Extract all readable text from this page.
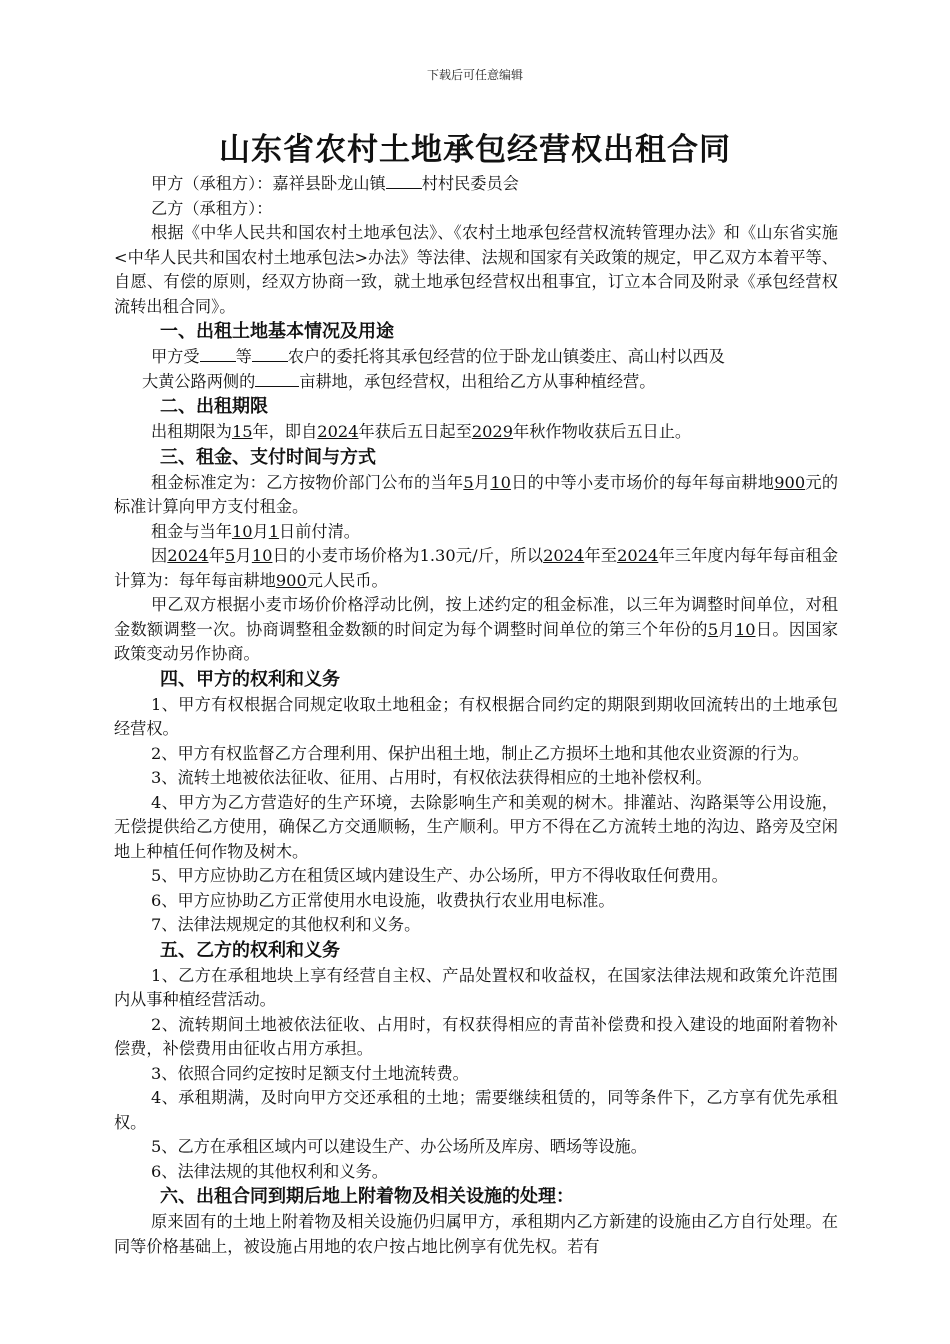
下载后可任意编辑
山东省农村土地承包经营权出租合同

甲方（承租方）：嘉祥县卧龙山镇 村村民委员会

乙方（承租方）：

根据《中华人民共和国农村土地承包法》、《农村土地承包经营权流转管理办法》和《山东省实施<中华人民共和国农村土地承包法>办法》等法律、法规和国家有关政策的规定，甲乙双方本着平等、自愿、有偿的原则，经双方协商一致，就土地承包经营权出租事宜，订立本合同及附录《承包经营权流转出租合同》。

一、出租土地基本情况及用途

甲方受 等 农户的委托将其承包经营的位于卧龙山镇娄庄、高山村以西及

大黄公路两侧的	亩耕地，承包经营权，出租给乙方从事种植经营。

二、出租期限

出租期限为15年，即自2024年获后五日起至2029年秋作物收获后五日止。

三、租金、支付时间与方式

租金标准定为：乙方按物价部门公布的当年5月10日的中等小麦市场价的每年每亩耕地900元的标准计算向甲方支付租金。

租金与当年10月1日前付清。

因2024年5月10日的小麦市场价格为1.30元/斤，所以2024年至2024年三年度内每年每亩租金计算为：每年每亩耕地900元人民币。

甲乙双方根据小麦市场价价格浮动比例，按上述约定的租金标准，以三年为调整时间单位，对租金数额调整一次。协商调整租金数额的时间定为每个调整时间单位的第三个年份的5月10日。因国家政策变动另作协商。

四、甲方的权利和义务

1、甲方有权根据合同规定收取土地租金；有权根据合同约定的期限到期收回流转出的土地承包经营权。

2、甲方有权监督乙方合理利用、保护出租土地，制止乙方损坏土地和其他农业资源的行为。

3、流转土地被依法征收、征用、占用时，有权依法获得相应的土地补偿权利。

4、甲方为乙方营造好的生产环境，去除影响生产和美观的树木。排灌站、沟路渠等公用设施，无偿提供给乙方使用，确保乙方交通顺畅，生产顺利。甲方不得在乙方流转土地的沟边、路旁及空闲地上种植任何作物及树木。

5、甲方应协助乙方在租赁区域内建设生产、办公场所，甲方不得收取任何费用。

6、甲方应协助乙方正常使用水电设施，收费执行农业用电标准。

7、法律法规规定的其他权利和义务。

五、乙方的权利和义务

1、乙方在承租地块上享有经营自主权、产品处置权和收益权，在国家法律法规和政策允许范围内从事种植经营活动。

2、流转期间土地被依法征收、占用时，有权获得相应的青苗补偿费和投入建设的地面附着物补偿费，补偿费用由征收占用方承担。

3、依照合同约定按时足额支付土地流转费。

4、承租期满，及时向甲方交还承租的土地；需要继续租赁的，同等条件下，乙方享有优先承租权。

5、乙方在承租区域内可以建设生产、办公场所及库房、晒场等设施。

6、法律法规的其他权利和义务。

六、出租合同到期后地上附着物及相关设施的处理：

原来固有的土地上附着物及相关设施仍归属甲方，承租期内乙方新建的设施由乙方自行处理。在同等价格基础上，被设施占用地的农户按占地比例享有优先权。若有
